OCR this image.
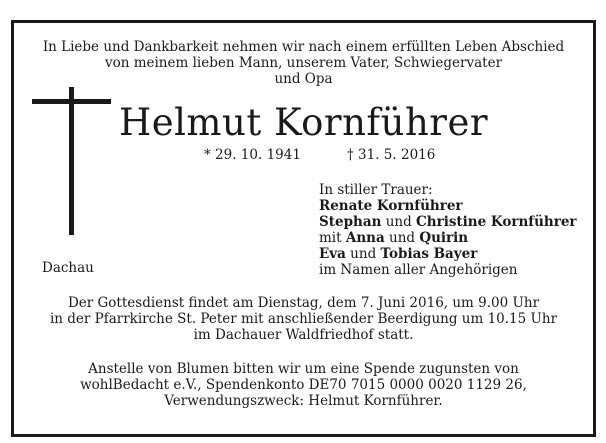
In Liebe und Dankbarkeit nehmen wir nach einem erfüllten Leben Abschied
von meinem lieben Mann, unserem Vater, Schwiegervater
und Opa
Helmut Kornführer
* 29. 10. 1941	† 31. 5. 2016
Dachau
In stiller Trauer:
Renate Kornführer
Stephan und Christine Kornführer
mit Anna und Quirin
Eva und Tobias Bayer
im Namen aller Angehörigen
Der Gottesdienst findet am Dienstag, dem 7. Juni 2016, um 9.00 Uhr
in der Pfarrkirche St. Peter mit anschließender Beerdigung um 10.15 Uhr
im Dachauer Waldfriedhof statt.
Anstelle von Blumen bitten wir um eine Spende zugunsten von
wohlBedacht e.V., Spendenkonto DE70 7015 0000 0020 1129 26,
Verwendungszweck: Helmut Kornführer.
